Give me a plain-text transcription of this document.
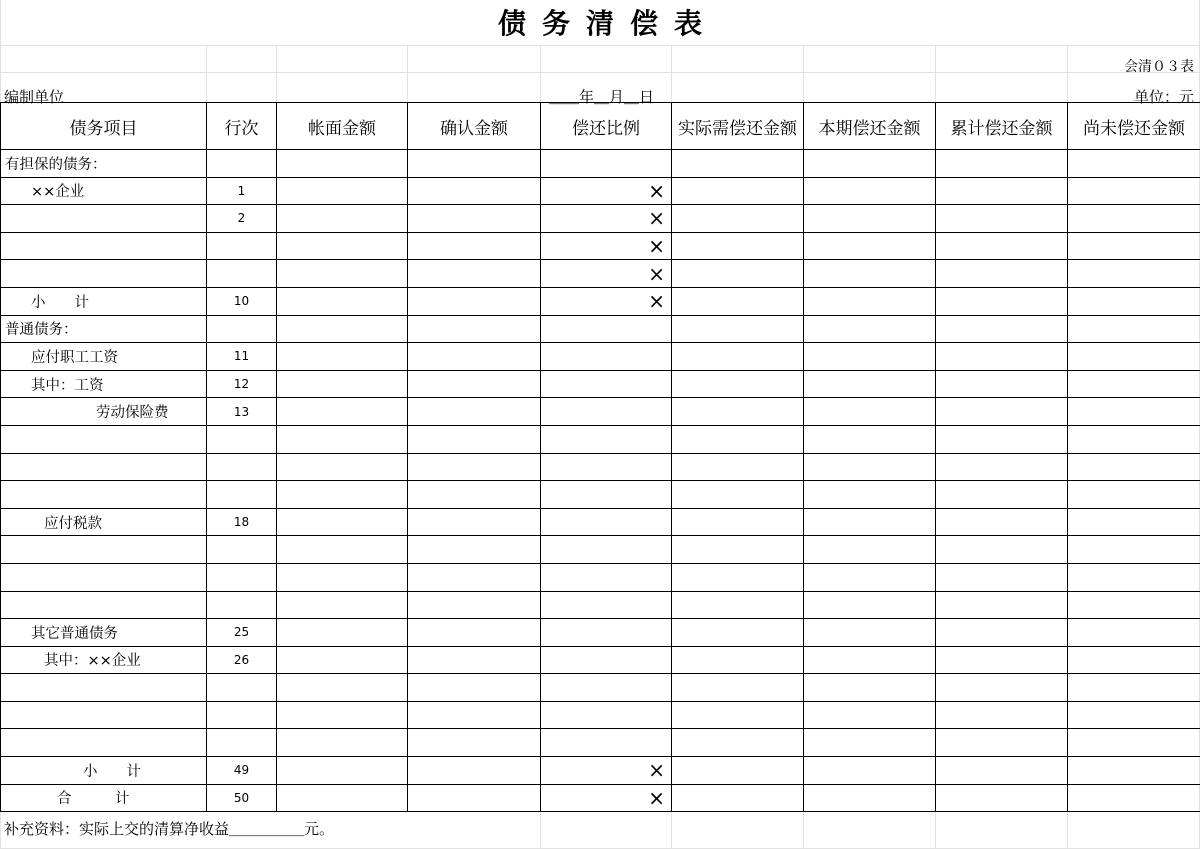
债务清偿表
会清０３表
编制单位	＿＿年＿月＿日	单位：元
债务项目	行次	帐面金额	确认金额	偿还比例	实际需偿还金额	本期偿还金额	累计偿还金额	尚未偿还金额
有担保的债务：								
××企业	1			×				
	2			×				
				×				
				×				
小　　计	10			×				
普通债务：								
应付职工工资	11							
其中：工资	12							
劳动保险费	13							

应付税款	18							

其它普通债务	25							
其中：××企业	26							

小　　计	49			×				
合　　　计	50			×				
补充资料：实际上交的清算净收益＿＿＿＿＿元。
